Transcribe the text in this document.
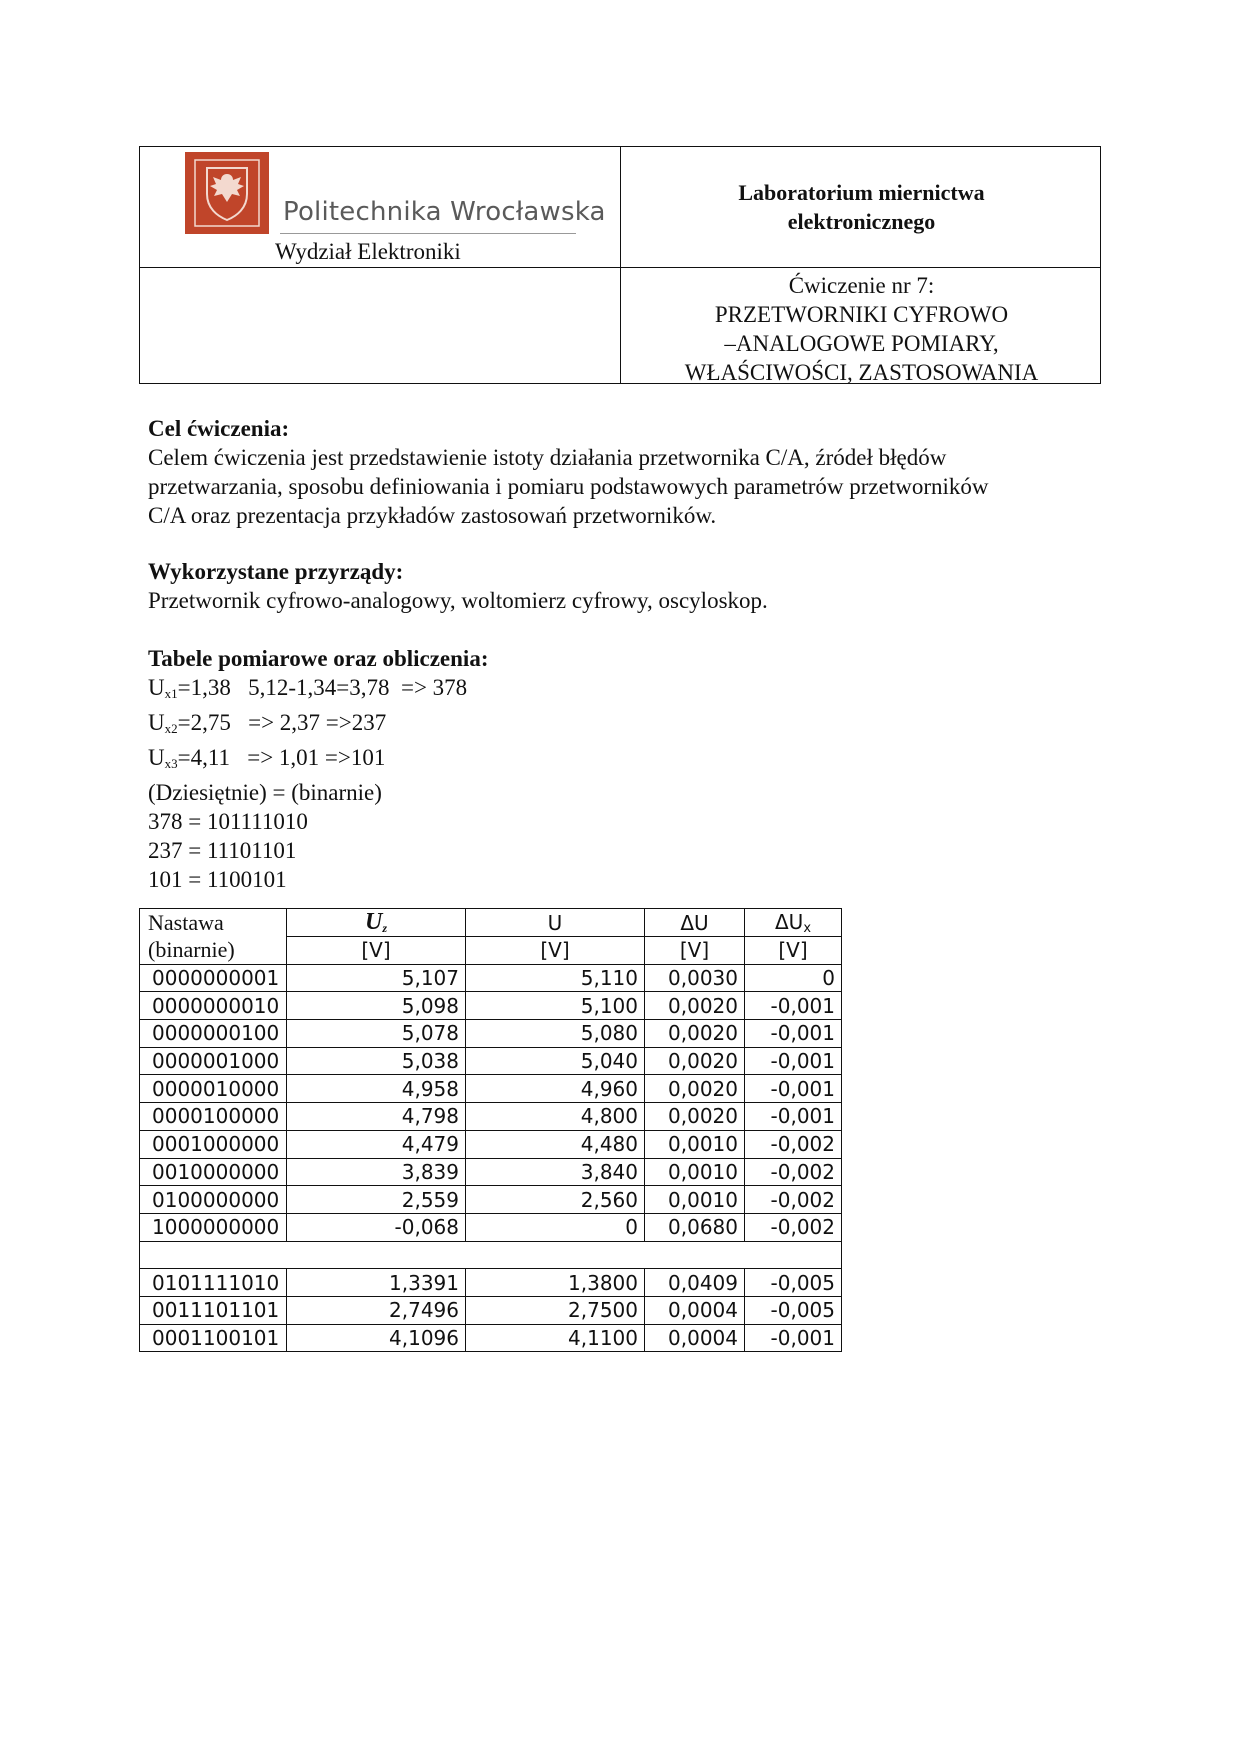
Politechnika Wrocławska
Wydział Elektroniki
Laboratorium miernictwa
elektronicznego
Ćwiczenie nr 7:
PRZETWORNIKI CYFROWO
–ANALOGOWE POMIARY,
WŁAŚCIWOŚCI, ZASTOSOWANIA
Cel ćwiczenia:
Celem ćwiczenia jest przedstawienie istoty działania przetwornika C/A, źródeł błędów
przetwarzania, sposobu definiowania i pomiaru podstawowych parametrów przetworników
C/A oraz prezentacja przykładów zastosowań przetworników.
Wykorzystane przyrządy:
Przetwornik cyfrowo-analogowy, woltomierz cyfrowy, oscyloskop.
Tabele pomiarowe oraz obliczenia:
$U_{x1}=1,38$   5,12-1,34=3,78  => 378
$U_{x2}=2,75 => 2,37 =>237$
$U_{x3}=4,11 => 1,01 =>101$
(Dziesiętnie) = (binarnie)
378 = 101111010
237 = 11101101
101 = 1100101
Nastawa	$U_z$	U	ΔU	$\Delta U_x$
(binarnie)	[V]	[V]	[V]	[V]
0000000001	5,107	5,110	0,0030	0
0000000010	5,098	5,100	0,0020	-0,001
0000000100	5,078	5,080	0,0020	-0,001
0000001000	5,038	5,040	0,0020	-0,001
0000010000	4,958	4,960	0,0020	-0,001
0000100000	4,798	4,800	0,0020	-0,001
0001000000	4,479	4,480	0,0010	-0,002
0010000000	3,839	3,840	0,0010	-0,002
0100000000	2,559	2,560	0,0010	-0,002
1000000000	-0,068	0	0,0680	-0,002

0101111010	1,3391	1,3800	0,0409	-0,005
0011101101	2,7496	2,7500	0,0004	-0,005
0001100101	4,1096	4,1100	0,0004	-0,001
